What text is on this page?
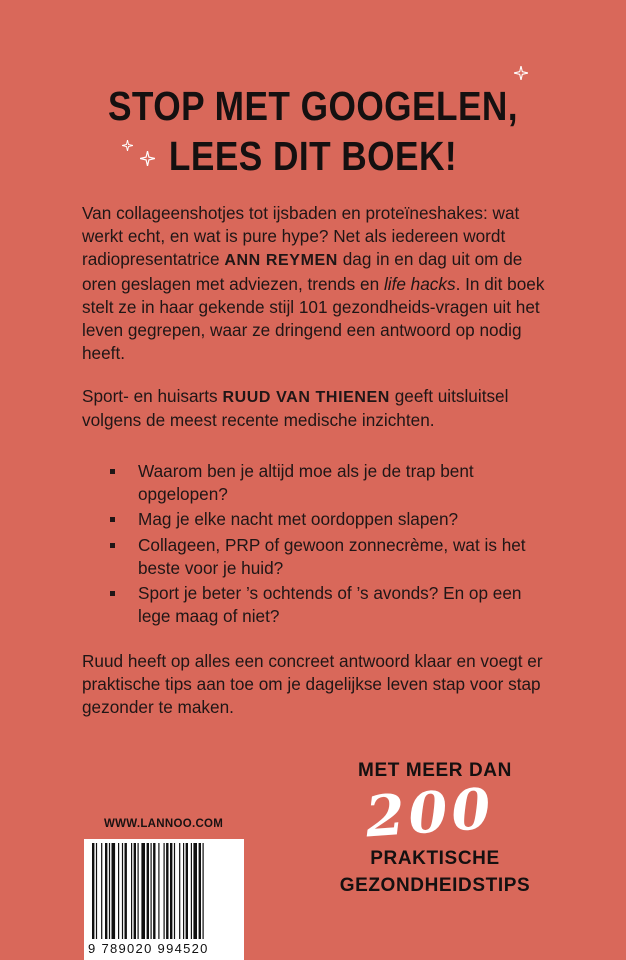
STOP MET GOOGELEN,
LEES DIT BOEK!

Van collageenshotjes tot ijsbaden en proteïneshakes: wat werkt echt, en wat is pure hype? Net als iedereen wordt radiopresentatrice ANN REYMEN dag in en dag uit om de oren geslagen met adviezen, trends en life hacks. In dit boek stelt ze in haar gekende stijl 101 gezondheids-vragen uit het leven gegrepen, waar ze dringend een antwoord op nodig heeft.

Sport- en huisarts RUUD VAN THIENEN geeft uitsluitsel volgens de meest recente medische inzichten.

Waarom ben je altijd moe als je de trap bent opgelopen?
Mag je elke nacht met oordoppen slapen?
Collageen, PRP of gewoon zonnecrème, wat is het beste voor je huid?
Sport je beter ’s ochtends of ’s avonds? En op een lege maag of niet?

Ruud heeft op alles een concreet antwoord klaar en voegt er praktische tips aan toe om je dagelijkse leven stap voor stap gezonder te maken.

MET MEER DAN
200
PRAKTISCHE
GEZONDHEIDSTIPS
WWW.LANNOO.COM
9 789020 994520
